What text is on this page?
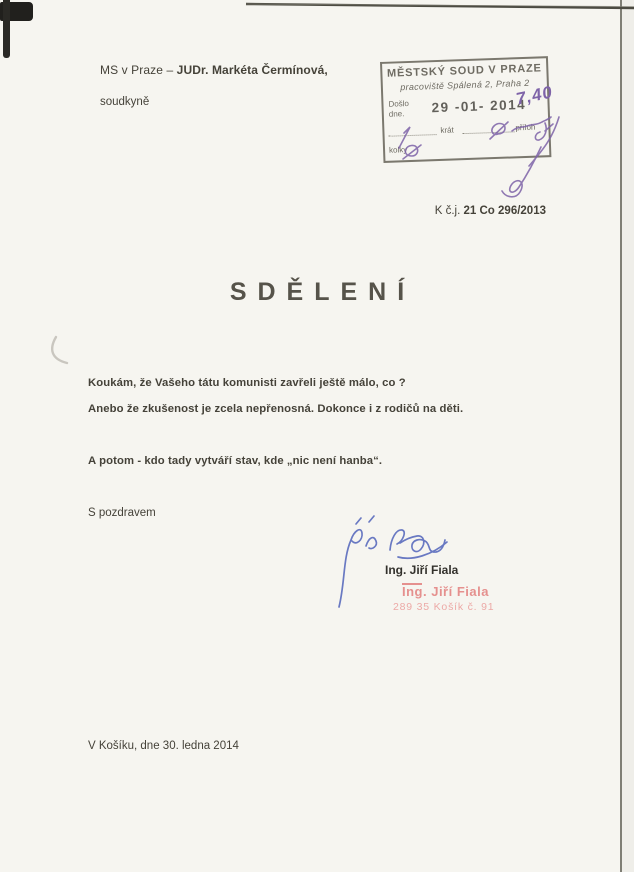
MS v Praze – JUDr. Markéta Čermínová,
soudkyně
MĚSTSKÝ SOUD V PRAZE
pracoviště Spálená 2, Praha 2
Došlo
dne. 29 -01- 2014
krát	příloh
kolky
7,40
K č.j. 21 Co 296/2013
SDĚLENÍ
Koukám, že Vašeho tátu komunisti zavřeli ještě málo, co ?
Anebo že zkušenost je zcela nepřenosná. Dokonce i z rodičů na děti.
A potom - kdo tady vytváří stav, kde „nic není hanba“.
S pozdravem
Ing. Jiří Fiala
Ing. Jiří Fiala
289 35 Košík č. 91
V Košíku, dne 30. ledna 2014
